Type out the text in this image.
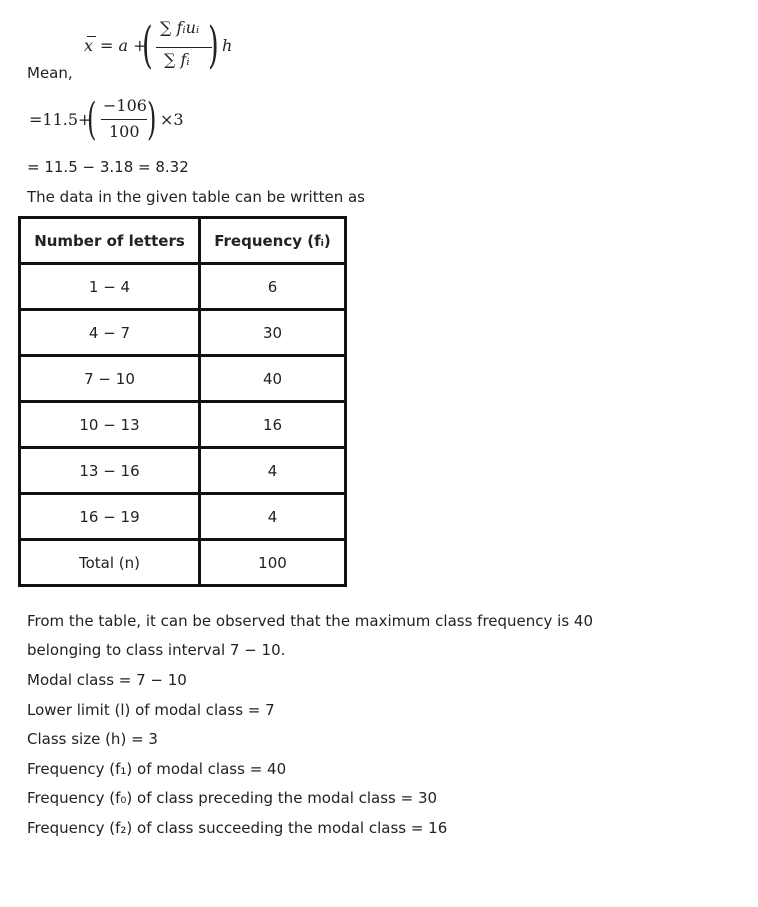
x = a +
( ∑ fᵢuᵢ
∑ fᵢ ) h
Mean,
=11.5+
( −106
100 ) ×3
= 11.5 − 3.18 = 8.32
The data in the given table can be written as
Number of letters	Frequency (fᵢ)
1 − 4	6
4 − 7	30
7 − 10	40
10 − 13	16
13 − 16	4
16 − 19	4
Total (n)	100
From the table, it can be observed that the maximum class frequency is 40
belonging to class interval 7 − 10.
Modal class = 7 − 10
Lower limit (l) of modal class = 7
Class size (h) = 3
Frequency (f₁) of modal class = 40
Frequency (f₀) of class preceding the modal class = 30
Frequency (f₂) of class succeeding the modal class = 16
